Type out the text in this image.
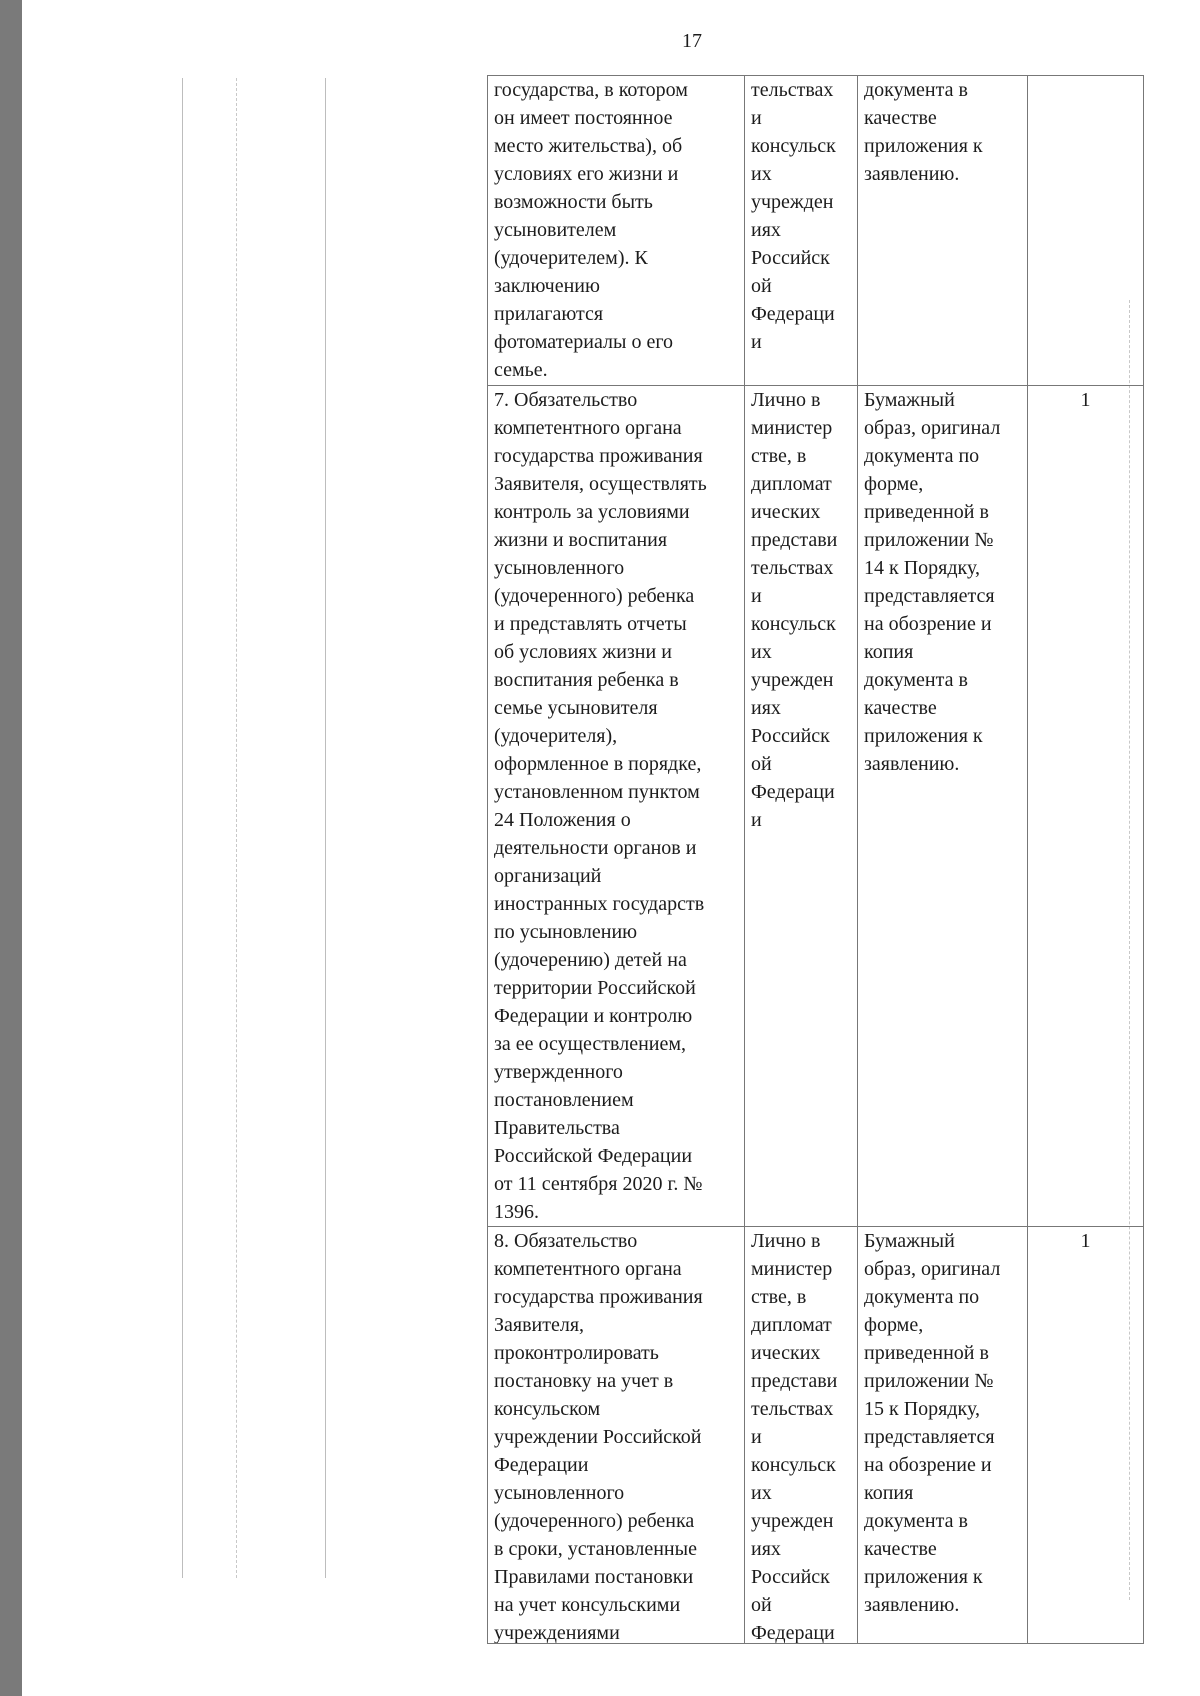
17
государства, в котором
он имеет постоянное
место жительства), об
условиях его жизни и
возможности быть
усыновителем
(удочерителем). К
заключению
прилагаются
фотоматериалы о его
семье.
тельствах
и
консульск
их
учрежден
иях
Российск
ой
Федераци
и
документа в
качестве
приложения к
заявлению.
7. Обязательство
компетентного органа
государства проживания
Заявителя, осуществлять
контроль за условиями
жизни и воспитания
усыновленного
(удочеренного) ребенка
и представлять отчеты
об условиях жизни и
воспитания ребенка в
семье усыновителя
(удочерителя),
оформленное в порядке,
установленном пунктом
24 Положения о
деятельности органов и
организаций
иностранных государств
по усыновлению
(удочерению) детей на
территории Российской
Федерации и контролю
за ее осуществлением,
утвержденного
постановлением
Правительства
Российской Федерации
от 11 сентября 2020 г. №
1396.
Лично в
министер
стве, в
дипломат
ических
представи
тельствах
и
консульск
их
учрежден
иях
Российск
ой
Федераци
и
Бумажный
образ, оригинал
документа по
форме,
приведенной в
приложении №
14 к Порядку,
представляется
на обозрение и
копия
документа в
качестве
приложения к
заявлению.
1
8. Обязательство
компетентного органа
государства проживания
Заявителя,
проконтролировать
постановку на учет в
консульском
учреждении Российской
Федерации
усыновленного
(удочеренного) ребенка
в сроки, установленные
Правилами постановки
на учет консульскими
учреждениями
Лично в
министер
стве, в
дипломат
ических
представи
тельствах
и
консульск
их
учрежден
иях
Российск
ой
Федераци
Бумажный
образ, оригинал
документа по
форме,
приведенной в
приложении №
15 к Порядку,
представляется
на обозрение и
копия
документа в
качестве
приложения к
заявлению.
1
